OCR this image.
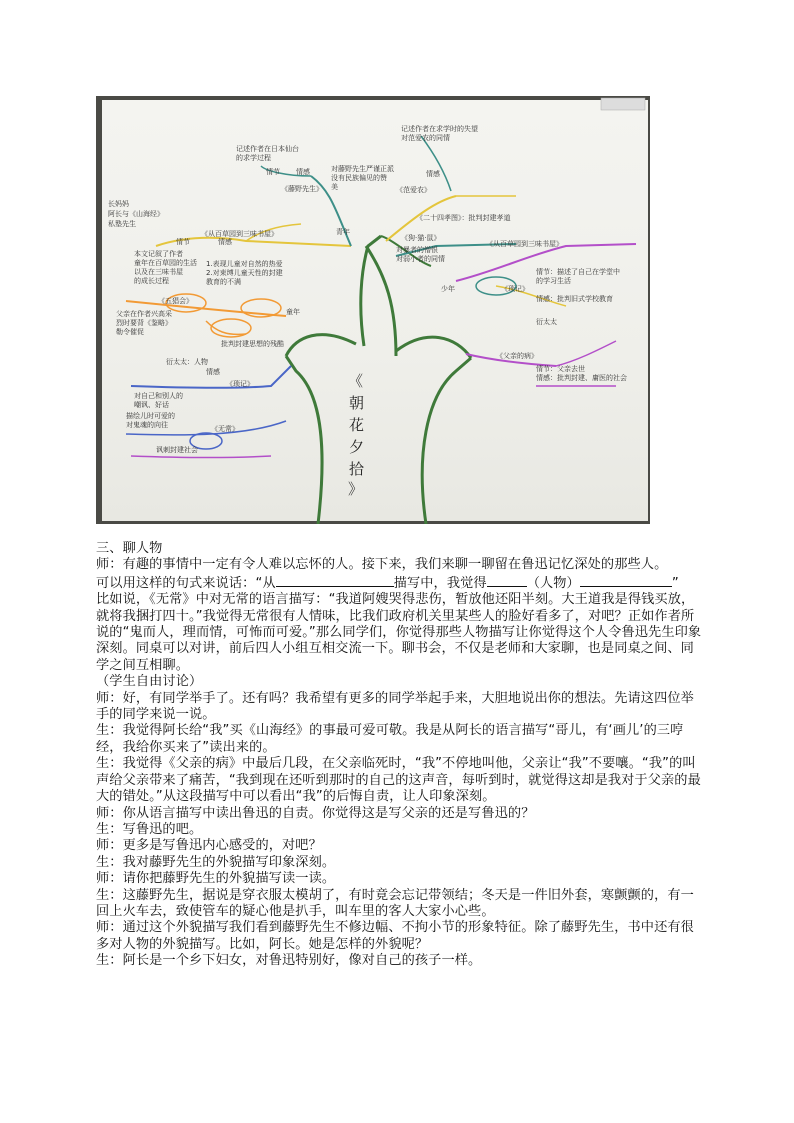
《
朝
花
夕
拾
》
记述作者在日本仙台
的求学过程
情节 情感
《藤野先生》
对藤野先生严谨正派
没有民族偏见的赞
美
记述作者在求学时的失望
对范爱农的同情
情感
《范爱农》
青年
《二十四孝图》：批判封建孝道
《狗·猫·鼠》
对暴者的憎恨
对弱小者的同情
长妈妈
阿长与《山海经》
私塾先生
情节	情感
《从百草园到三味书屋》
本文记叙了作者
童年在百草园的生活
以及在三味书屋
的成长过程
1.表现儿童对自然的热爱
2.对束缚儿童天性的封建
教育的不满
《五猖会》
父亲在作者兴高采
烈时要背《鉴略》
勒令催促
批判封建思想的残酷
童年
衍太太：人物
情感
《琐记》
对自己和别人的
嘲讽、好话
描绘儿时可爱的
对鬼魂的向往	《无常》
讽刺封建社会
少年
《从百草园到三味书屋》
情节：描述了自己在学堂中
的学习生活
情感：批判旧式学校教育
《琐记》
衍太太
《父亲的病》
情节：父亲去世
情感：批判封建、庸医的社会

三、聊人物

师：有趣的事情中一定有令人难以忘怀的人。接下来，我们来聊一聊留在鲁迅记忆深处的那些人。

可以用这样的句式来说话：“从	描写中，我觉得	（人物）	”

比如说，《无常》中对无常的语言描写：“我道阿嫂哭得悲伤，暂放他还阳半刻。大王道我是得钱买放，就将我捆打四十。”我觉得无常很有人情味，比我们政府机关里某些人的脸好看多了，对吧？正如作者所说的“鬼而人，理而情，可怖而可爱。”那么同学们，你觉得那些人物描写让你觉得这个人令鲁迅先生印象深刻。同桌可以对讲，前后四人小组互相交流一下。聊书会，不仅是老师和大家聊，也是同桌之间、同学之间互相聊。

（学生自由讨论）

师：好，有同学举手了。还有吗？我希望有更多的同学举起手来，大胆地说出你的想法。先请这四位举手的同学来说一说。

生：我觉得阿长给“我”买《山海经》的事最可爱可敬。我是从阿长的语言描写“哥儿，有‘画儿’的三哼经，我给你买来了”读出来的。

生：我觉得《父亲的病》中最后几段，在父亲临死时，“我”不停地叫他，父亲让“我”不要嚷。“我”的叫声给父亲带来了痛苦，“我到现在还听到那时的自己的这声音，每听到时，就觉得这却是我对于父亲的最大的错处。”从这段描写中可以看出“我”的后悔自责，让人印象深刻。

师：你从语言描写中读出鲁迅的自责。你觉得这是写父亲的还是写鲁迅的？

生：写鲁迅的吧。

师：更多是写鲁迅内心感受的，对吧？

生：我对藤野先生的外貌描写印象深刻。

师：请你把藤野先生的外貌描写读一读。

生：这藤野先生，据说是穿衣服太模胡了，有时竟会忘记带领结；冬天是一件旧外套，寒颤颤的，有一回上火车去，致使管车的疑心他是扒手，叫车里的客人大家小心些。

师：通过这个外貌描写我们看到藤野先生不修边幅、不拘小节的形象特征。除了藤野先生，书中还有很多对人物的外貌描写。比如，阿长。她是怎样的外貌呢？

生：阿长是一个乡下妇女，对鲁迅特别好，像对自己的孩子一样。
